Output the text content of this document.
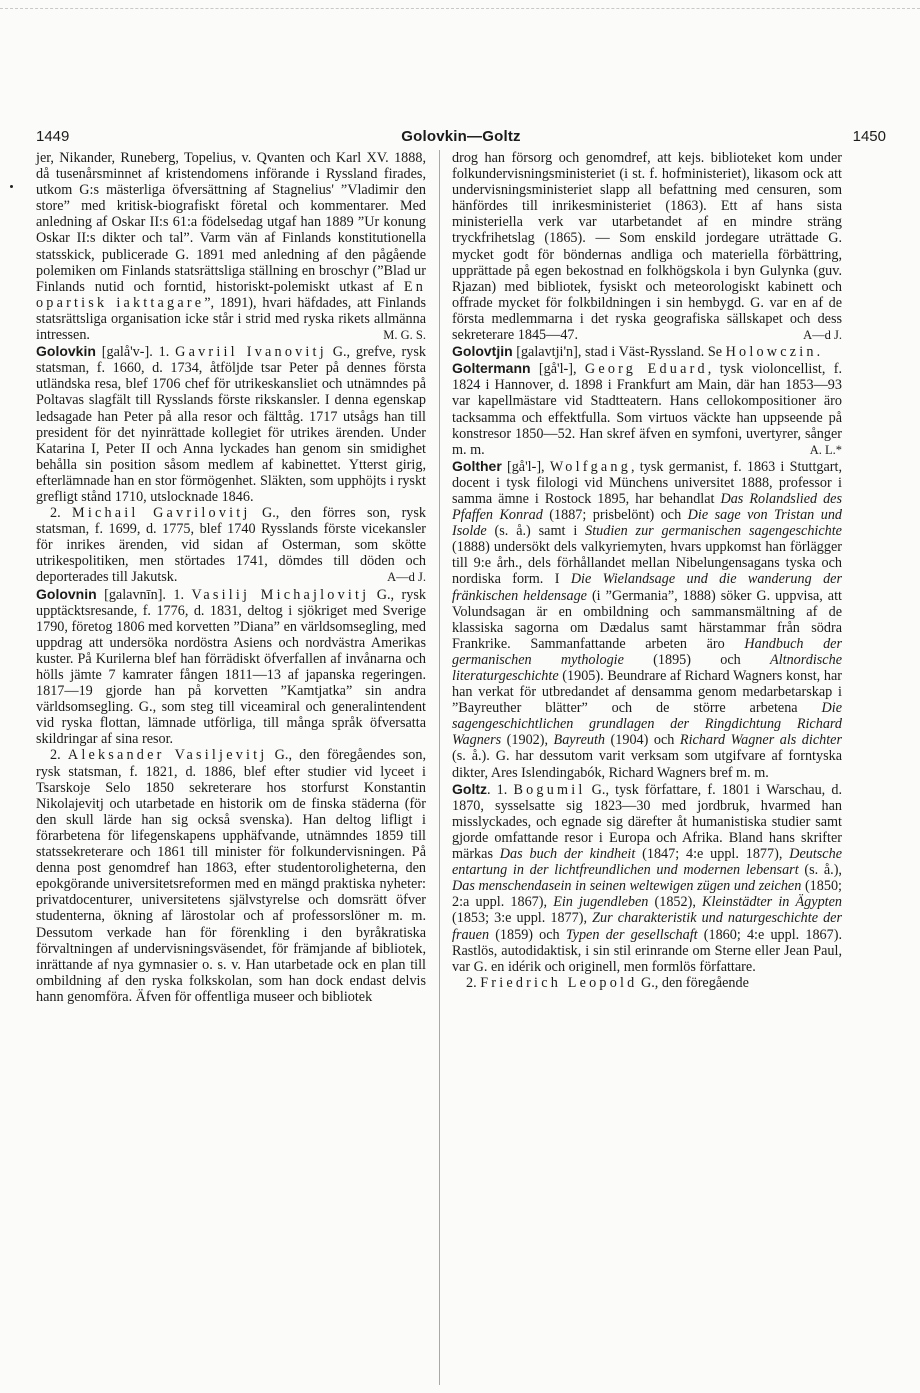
1449	Golovkin—Goltz	1450

jer, Nikander, Runeberg, Topelius, v. Qvanten och Karl XV. 1888, då tusenårsminnet af kristendomens införande i Ryssland firades, utkom G:s mästerliga öfversättning af Stagnelius' ”Vladimir den store” med kritisk-biografiskt företal och kommentarer. Med anledning af Oskar II:s 61:a födelsedag utgaf han 1889 ”Ur konung Oskar II:s dikter och tal”. Varm vän af Finlands konstitutionella statsskick, publicerade G. 1891 med anledning af den pågående polemiken om Finlands statsrättsliga ställning en broschyr (”Blad ur Finlands nutid och forntid, historiskt-polemiskt utkast af En opartisk iakttagare”, 1891), hvari häfdades, att Finlands statsrättsliga organisation icke står i strid med ryska rikets allmänna intressen.	M. G. S.

Golovkin [galå'v-]. 1. Gavriil Ivanovitj G., grefve, rysk statsman, f. 1660, d. 1734, åtföljde tsar Peter på dennes första utländska resa, blef 1706 chef för utrikeskansliet och utnämndes på Poltavas slagfält till Rysslands förste rikskansler. I denna egenskap ledsagade han Peter på alla resor och fälttåg. 1717 utsågs han till president för det nyinrättade kollegiet för utrikes ärenden. Under Katarina I, Peter II och Anna lyckades han genom sin smidighet behålla sin position såsom medlem af kabinettet. Ytterst girig, efterlämnade han en stor förmögenhet. Släkten, som upphöjts i ryskt grefligt stånd 1710, utslocknade 1846.

2. Michail Gavrilovitj G., den förres son, rysk statsman, f. 1699, d. 1775, blef 1740 Rysslands förste vicekansler för inrikes ärenden, vid sidan af Osterman, som skötte utrikespolitiken, men störtades 1741, dömdes till döden och deporterades till Jakutsk.	A—d J.

Golovnin [galavnīn]. 1. Vasilij Michajlovitj G., rysk upptäcktsresande, f. 1776, d. 1831, deltog i sjökriget med Sverige 1790, företog 1806 med korvetten ”Diana” en världsomsegling, med uppdrag att undersöka nordöstra Asiens och nordvästra Amerikas kuster. På Kurilerna blef han förrädiskt öfverfallen af invånarna och hölls jämte 7 kamrater fången 1811—13 af japanska regeringen. 1817—19 gjorde han på korvetten ”Kamtjatka” sin andra världsomsegling. G., som steg till viceamiral och generalintendent vid ryska flottan, lämnade utförliga, till många språk öfversatta skildringar af sina resor.

2. Aleksander Vasiljevitj G., den föregåendes son, rysk statsman, f. 1821, d. 1886, blef efter studier vid lyceet i Tsarskoje Selo 1850 sekreterare hos storfurst Konstantin Nikolajevitj och utarbetade en historik om de finska städerna (för den skull lärde han sig också svenska). Han deltog lifligt i förarbetena för lifegenskapens upphäfvande, utnämndes 1859 till statssekreterare och 1861 till minister för folkundervisningen. På denna post genomdref han 1863, efter studentoroligheterna, den epokgörande universitetsreformen med en mängd praktiska nyheter: privatdocenturer, universitetens självstyrelse och domsrätt öfver studenterna, ökning af lärostolar och af professorslöner m. m. Dessutom verkade han för förenkling i den byråkratiska förvaltningen af undervisningsväsendet, för främjande af bibliotek, inrättande af nya gymnasier o. s. v. Han utarbetade ock en plan till ombildning af den ryska folkskolan, som han dock endast delvis hann genomföra. Äfven för offentliga museer och bibliotek

drog han försorg och genomdref, att kejs. biblioteket kom under folkundervisningsministeriet (i st. f. hofministeriet), likasom ock att undervisningsministeriet slapp all befattning med censuren, som hänfördes till inrikesministeriet (1863). Ett af hans sista ministeriella verk var utarbetandet af en mindre sträng tryckfrihetslag (1865). — Som enskild jordegare uträttade G. mycket godt för böndernas andliga och materiella förbättring, upprättade på egen bekostnad en folkhögskola i byn Gulynka (guv. Rjazan) med bibliotek, fysiskt och meteorologiskt kabinett och offrade mycket för folkbildningen i sin hembygd. G. var en af de första medlemmarna i det ryska geografiska sällskapet och dess sekreterare 1845—47.	A—d J.

Golovtjin [galavtji'n], stad i Väst-Ryssland. Se Holowczin.

Goltermann [gå'l-], Georg Eduard, tysk violoncellist, f. 1824 i Hannover, d. 1898 i Frankfurt am Main, där han 1853—93 var kapellmästare vid Stadtteatern. Hans cellokompositioner äro tacksamma och effektfulla. Som virtuos väckte han uppseende på konstresor 1850—52. Han skref äfven en symfoni, uvertyrer, sånger m. m.	A. L.*

Golther [gå'l-], Wolfgang, tysk germanist, f. 1863 i Stuttgart, docent i tysk filologi vid Münchens universitet 1888, professor i samma ämne i Rostock 1895, har behandlat Das Rolandslied des Pfaffen Konrad (1887; prisbelönt) och Die sage von Tristan und Isolde (s. å.) samt i Studien zur germanischen sagengeschichte (1888) undersökt dels valkyriemyten, hvars uppkomst han förlägger till 9:e årh., dels förhållandet mellan Nibelungensagans tyska och nordiska form. I Die Wielandsage und die wanderung der fränkischen heldensage (i ”Germania”, 1888) söker G. uppvisa, att Volundsagan är en ombildning och sammansmältning af de klassiska sagorna om Dædalus samt härstammar från södra Frankrike. Sammanfattande arbeten äro Handbuch der germanischen mythologie (1895) och Altnordische literaturgeschichte (1905). Beundrare af Richard Wagners konst, har han verkat för utbredandet af densamma genom medarbetarskap i ”Bayreuther blätter” och de större arbetena Die sagengeschichtlichen grundlagen der Ringdichtung Richard Wagners (1902), Bayreuth (1904) och Richard Wagner als dichter (s. å.). G. har dessutom varit verksam som utgifvare af forntyska dikter, Ares Islendingabók, Richard Wagners bref m. m.

Goltz. 1. Bogumil G., tysk författare, f. 1801 i Warschau, d. 1870, sysselsatte sig 1823—30 med jordbruk, hvarmed han misslyckades, och egnade sig därefter åt humanistiska studier samt gjorde omfattande resor i Europa och Afrika. Bland hans skrifter märkas Das buch der kindheit (1847; 4:e uppl. 1877), Deutsche entartung in der lichtfreundlichen und modernen lebensart (s. å.), Das menschendasein in seinen weltewigen zügen und zeichen (1850; 2:a uppl. 1867), Ein jugendleben (1852), Kleinstädter in Ägypten (1853; 3:e uppl. 1877), Zur charakteristik und naturgeschichte der frauen (1859) och Typen der gesellschaft (1860; 4:e uppl. 1867). Rastlös, autodidaktisk, i sin stil erinrande om Sterne eller Jean Paul, var G. en idérik och originell, men formlös författare.

2. Friedrich Leopold G., den föregående
